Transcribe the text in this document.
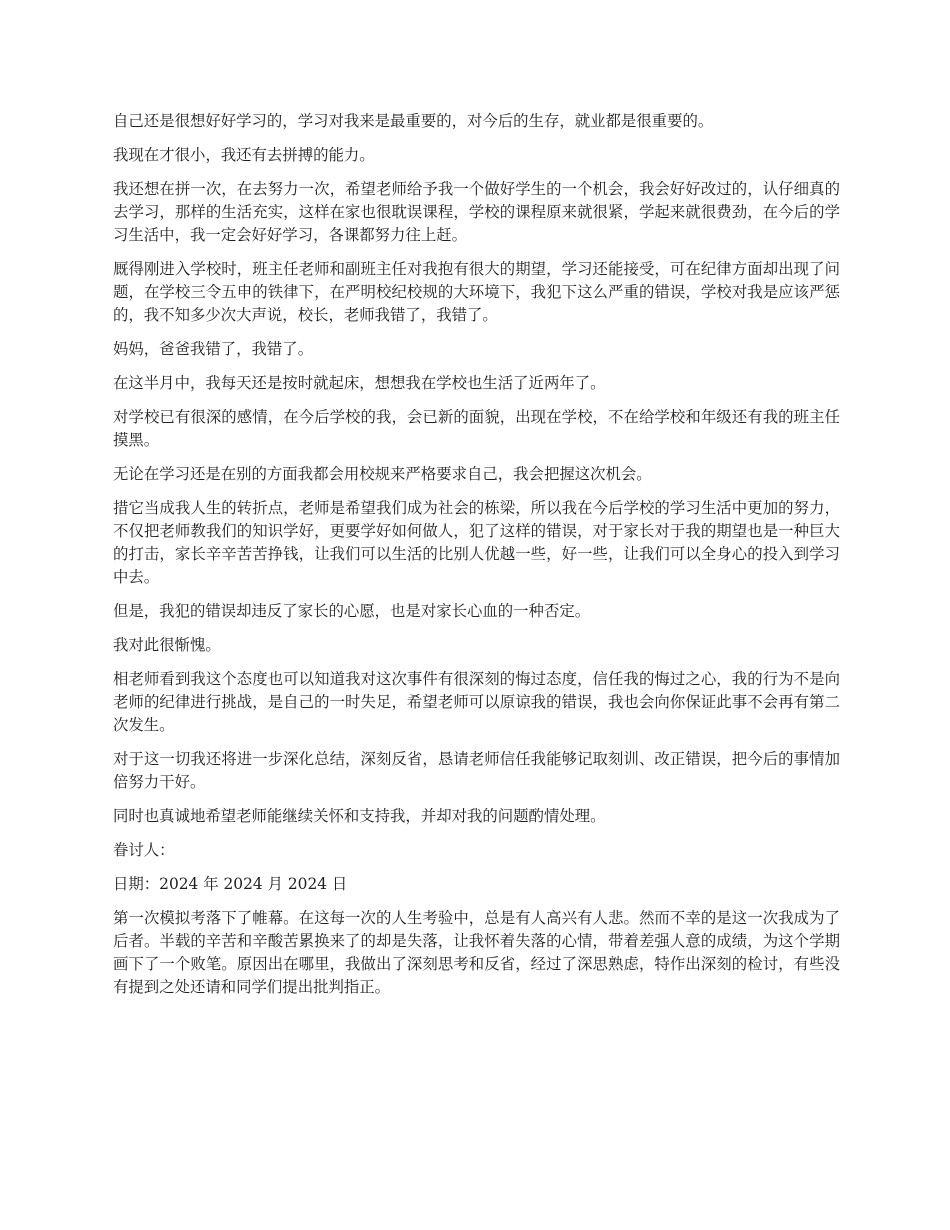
自己还是很想好好学习的，学习对我来是最重要的，对今后的生存，就业都是很重要的。

我现在才很小，我还有去拼搏的能力。

我还想在拼一次，在去努力一次，希望老师给予我一个做好学生的一个机会，我会好好改过的，认仔细真的去学习，那样的生活充实，这样在家也很耽误课程，学校的课程原来就很紧，学起来就很费劲，在今后的学习生活中，我一定会好好学习，各课都努力往上赶。

厩得刚进入学校时，班主任老师和副班主任对我抱有很大的期望，学习还能接受，可在纪律方面却出现了问题，在学校三令五申的铁律下，在严明校纪校规的大环境下，我犯下这么严重的错误，学校对我是应该严惩的，我不知多少次大声说，校长，老师我错了，我错了。

妈妈，爸爸我错了，我错了。

在这半月中，我每天还是按时就起床，想想我在学校也生活了近两年了。

对学校已有很深的感情，在今后学校的我，会已新的面貌，出现在学校，不在给学校和年级还有我的班主任摸黑。

无论在学习还是在别的方面我都会用校规来严格要求自己，我会把握这次机会。

措它当成我人生的转折点，老师是希望我们成为社会的栋梁，所以我在今后学校的学习生活中更加的努力，不仅把老师教我们的知识学好，更要学好如何做人，犯了这样的错误，对于家长对于我的期望也是一种巨大的打击，家长辛辛苦苦挣钱，让我们可以生活的比别人优越一些，好一些，让我们可以全身心的投入到学习中去。

但是，我犯的错误却违反了家长的心愿，也是对家长心血的一种否定。

我对此很惭愧。

相老师看到我这个态度也可以知道我对这次事件有很深刻的悔过态度，信任我的悔过之心，我的行为不是向老师的纪律进行挑战，是自己的一时失足，希望老师可以原谅我的错误，我也会向你保证此事不会再有第二次发生。

对于这一切我还将进一步深化总结，深刻反省，恳请老师信任我能够记取刻训、改正错误，把今后的事情加倍努力干好。

同时也真诚地希望老师能继续关怀和支持我，并却对我的问题酌情处理。

眷讨人：

日期：2024 年 2024 月 2024 日

第一次模拟考落下了帷幕。在这每一次的人生考验中，总是有人高兴有人悲。然而不幸的是这一次我成为了后者。半载的辛苦和辛酸苦累换来了的却是失落，让我怀着失落的心情，带着差强人意的成绩，为这个学期画下了一个败笔。原因出在哪里，我做出了深刻思考和反省，经过了深思熟虑，特作出深刻的检讨，有些没有提到之处还请和同学们提出批判指正。
